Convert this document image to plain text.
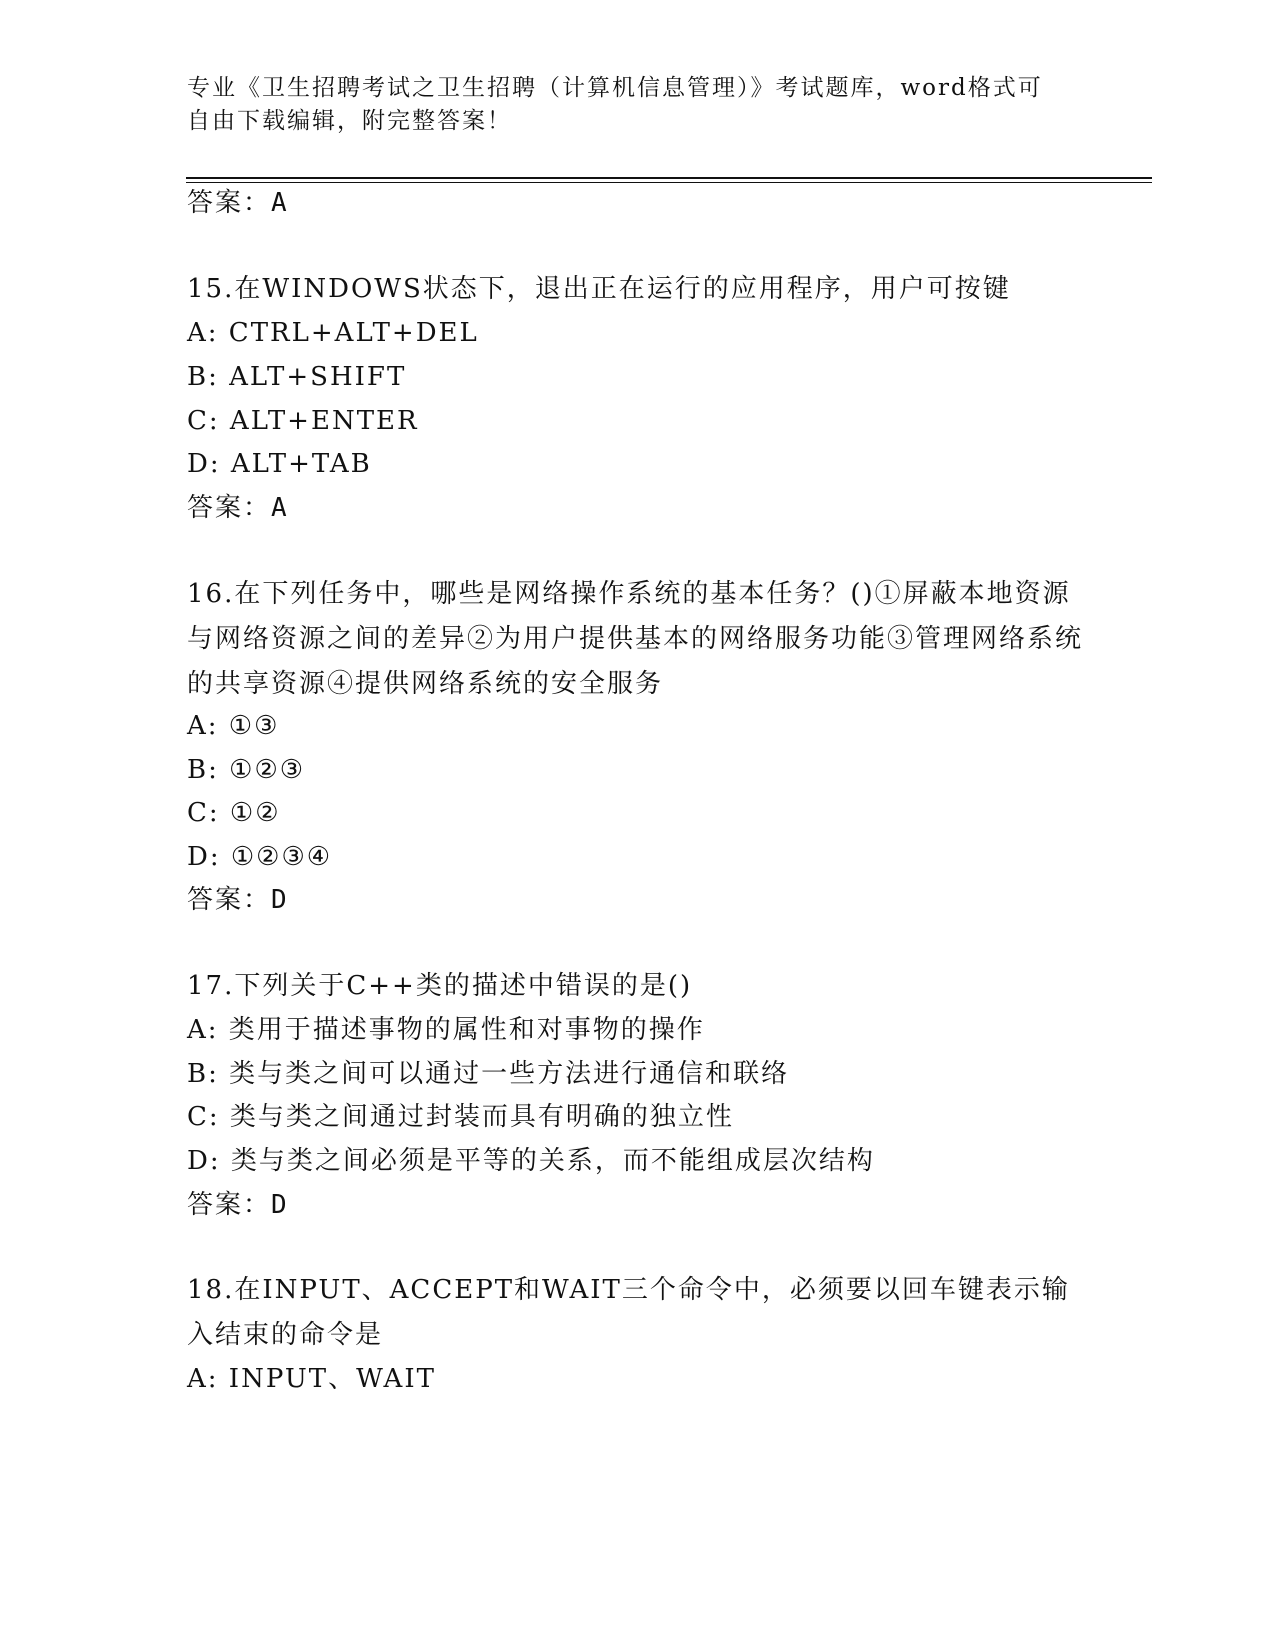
专业《卫生招聘考试之卫生招聘（计算机信息管理）》考试题库，word格式可自由下载编辑，附完整答案！
答案：A
15.在WINDOWS状态下，退出正在运行的应用程序，用户可按键
A: CTRL+ALT+DEL
B: ALT+SHIFT
C: ALT+ENTER
D: ALT+TAB
答案：A
16.在下列任务中，哪些是网络操作系统的基本任务？()①屏蔽本地资源与网络资源之间的差异②为用户提供基本的网络服务功能③管理网络系统的共享资源④提供网络系统的安全服务
A: ①③
B: ①②③
C: ①②
D: ①②③④
答案：D
17.下列关于C++类的描述中错误的是()
A: 类用于描述事物的属性和对事物的操作
B: 类与类之间可以通过一些方法进行通信和联络
C: 类与类之间通过封装而具有明确的独立性
D: 类与类之间必须是平等的关系，而不能组成层次结构
答案：D
18.在INPUT、ACCEPT和WAIT三个命令中，必须要以回车键表示输入结束的命令是
A: INPUT、WAIT
